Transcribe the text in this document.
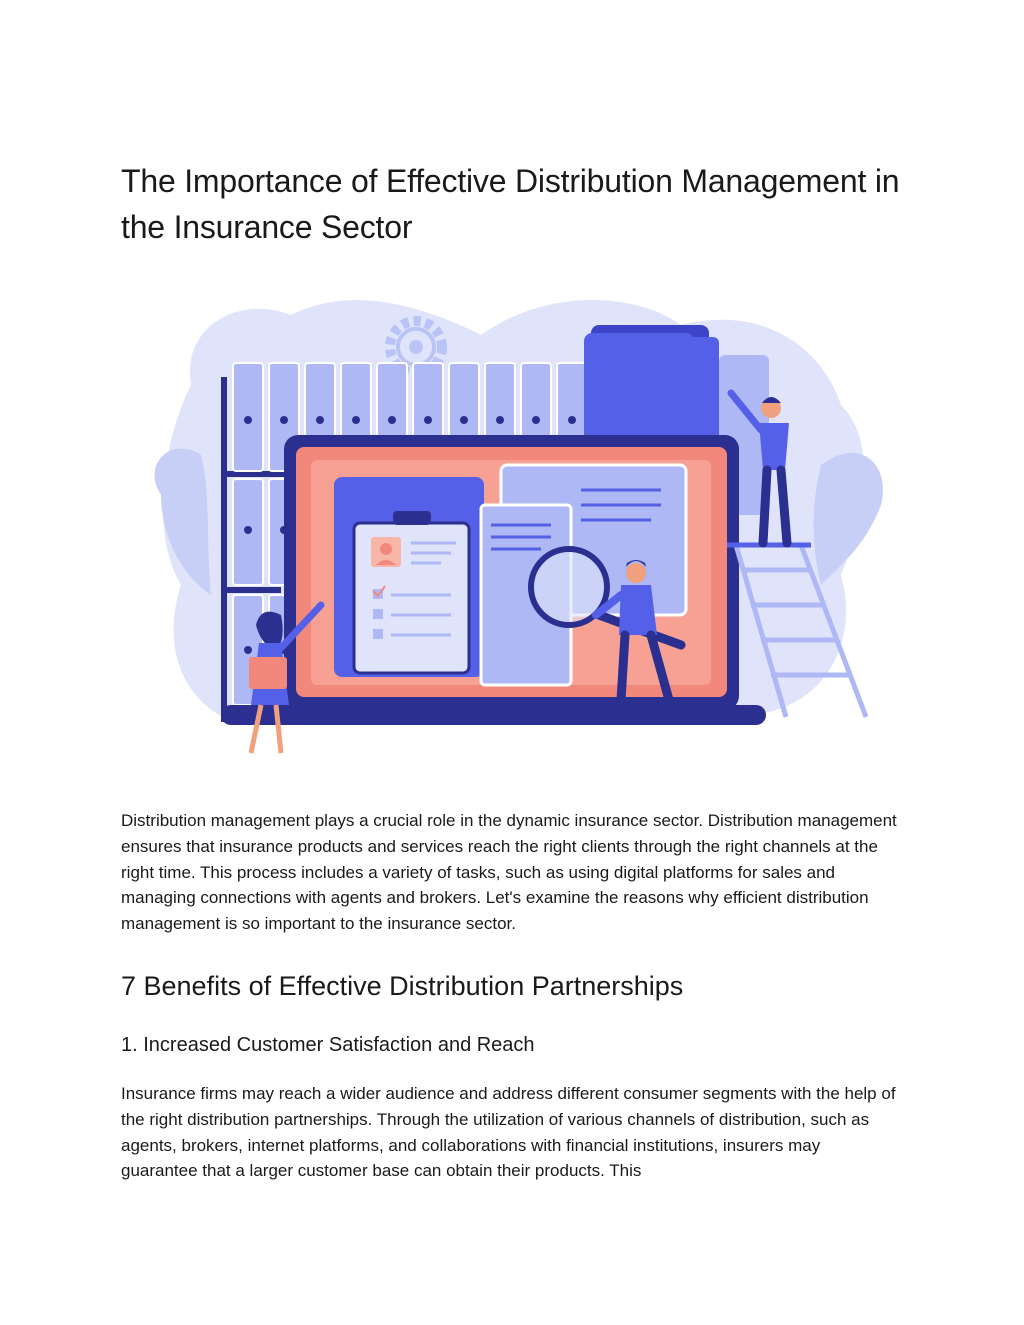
The Importance of Effective Distribution Management in the Insurance Sector

Distribution management plays a crucial role in the dynamic insurance sector. Distribution management ensures that insurance products and services reach the right clients through the right channels at the right time. This process includes a variety of tasks, such as using digital platforms for sales and managing connections with agents and brokers. Let's examine the reasons why efficient distribution management is so important to the insurance sector.

7 Benefits of Effective Distribution Partnerships
1. Increased Customer Satisfaction and Reach

Insurance firms may reach a wider audience and address different consumer segments with the help of the right distribution partnerships. Through the utilization of various channels of distribution, such as agents, brokers, internet platforms, and collaborations with financial institutions, insurers may guarantee that a larger customer base can obtain their products. This
